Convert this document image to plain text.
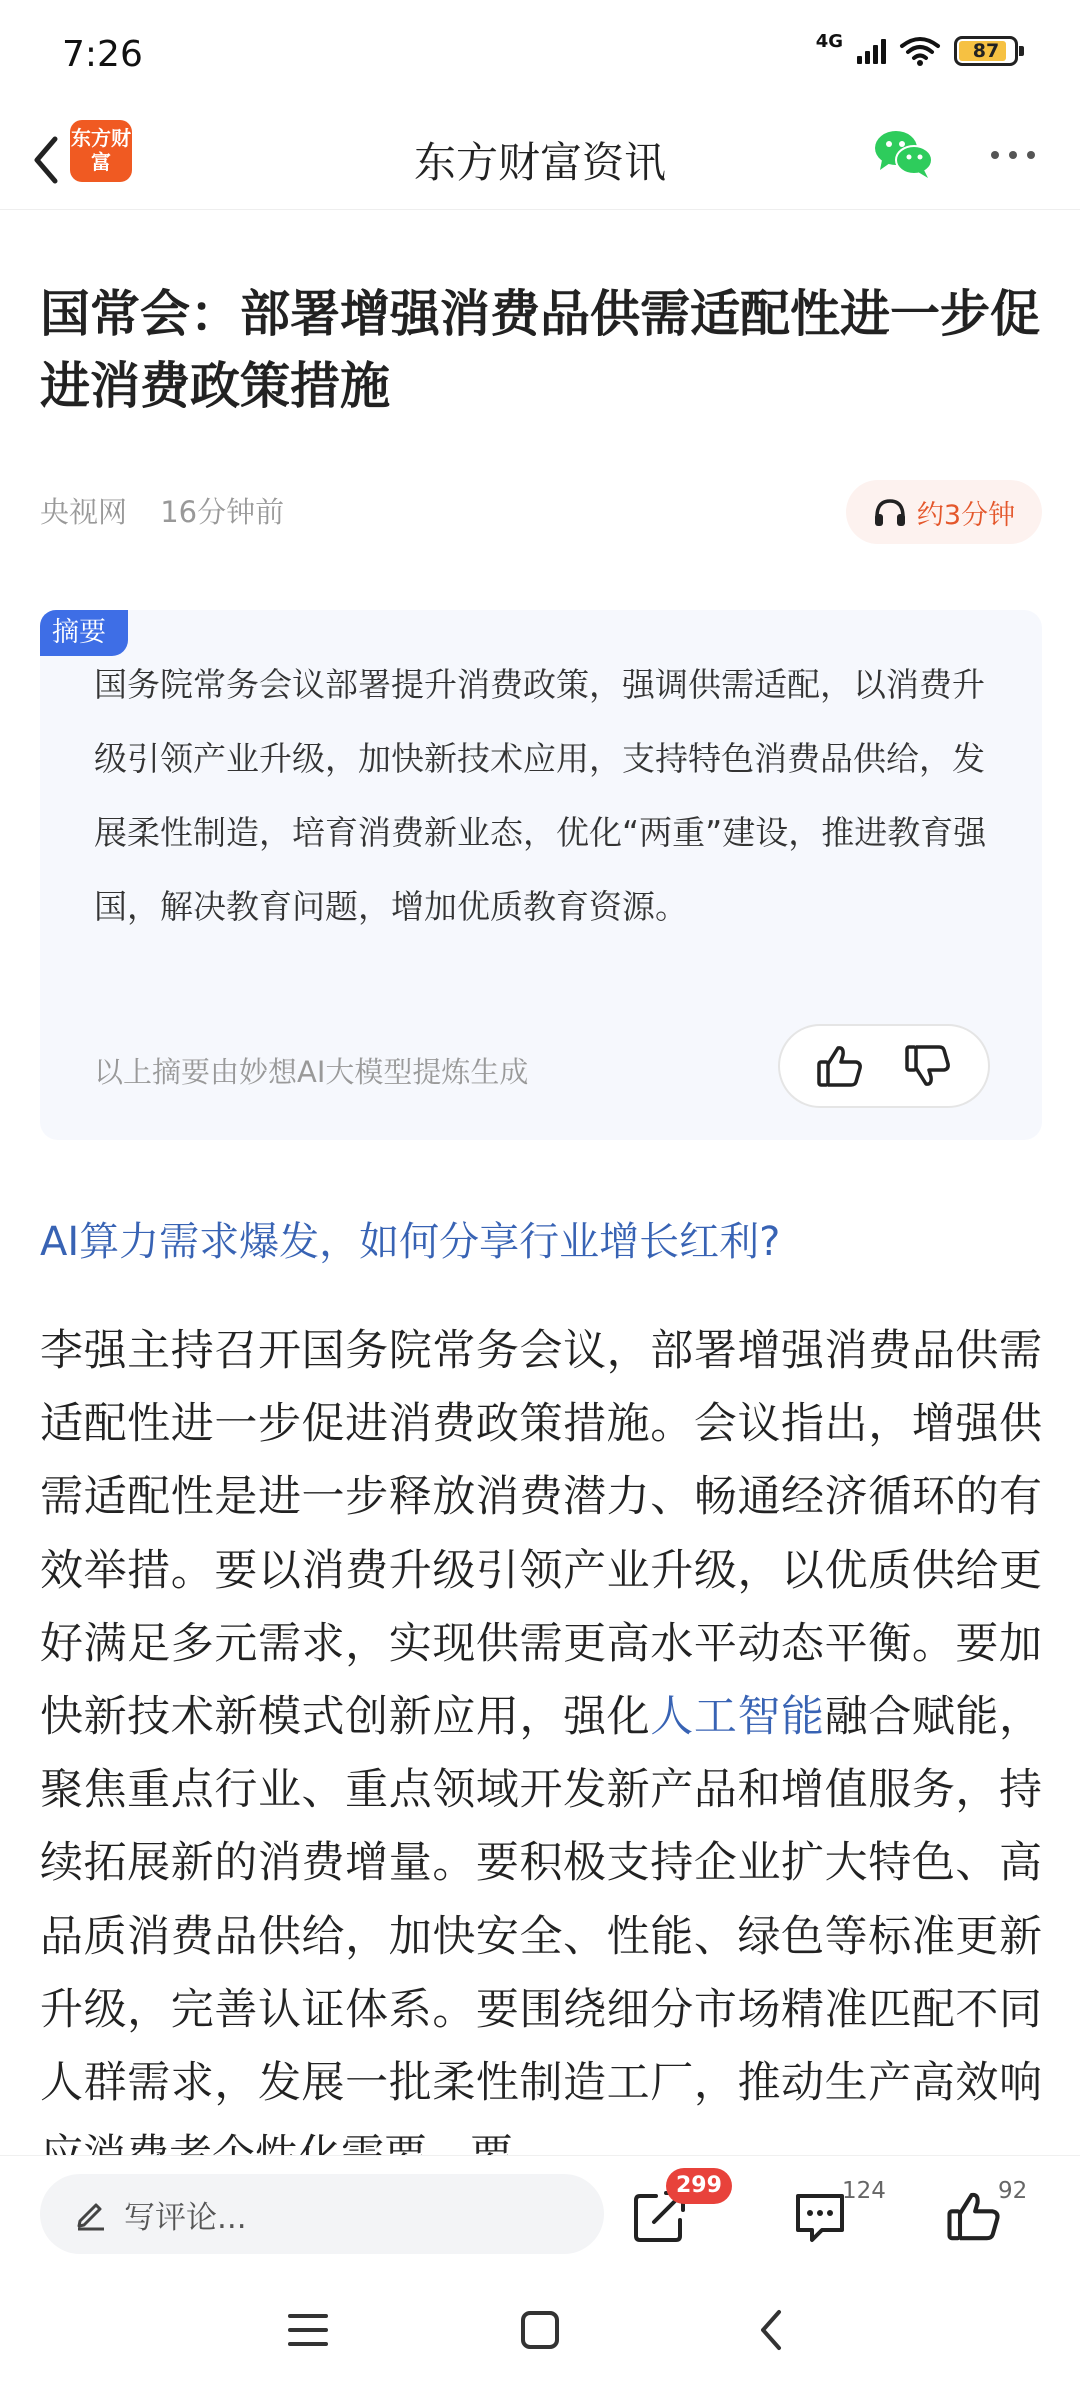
7:26	4G	87
东方财富	东方财富资讯
国常会：部署增强消费品供需适配性进一步促进消费政策措施
央视网 16分钟前	约3分钟
摘要
国务院常务会议部署提升消费政策，强调供需适配，以消费升级引领产业升级，加快新技术应用，支持特色消费品供给，发展柔性制造，培育消费新业态，优化“两重”建设，推进教育强国，解决教育问题，增加优质教育资源。
以上摘要由妙想AI大模型提炼生成
AI算力需求爆发，如何分享行业增长红利?
李强主持召开国务院常务会议，部署增强消费品供需适配性进一步促进消费政策措施。会议指出，增强供需适配性是进一步释放消费潜力、畅通经济循环的有效举措。要以消费升级引领产业升级，以优质供给更好满足多元需求，实现供需更高水平动态平衡。要加快新技术新模式创新应用，强化人工智能融合赋能，聚焦重点行业、重点领域开发新产品和增值服务，持续拓展新的消费增量。要积极支持企业扩大特色、高品质消费品供给，加快安全、性能、绿色等标准更新升级，完善认证体系。要围绕细分市场精准匹配不同人群需求，发展一批柔性制造工厂，推动生产高效响
写评论...
299	124	92
